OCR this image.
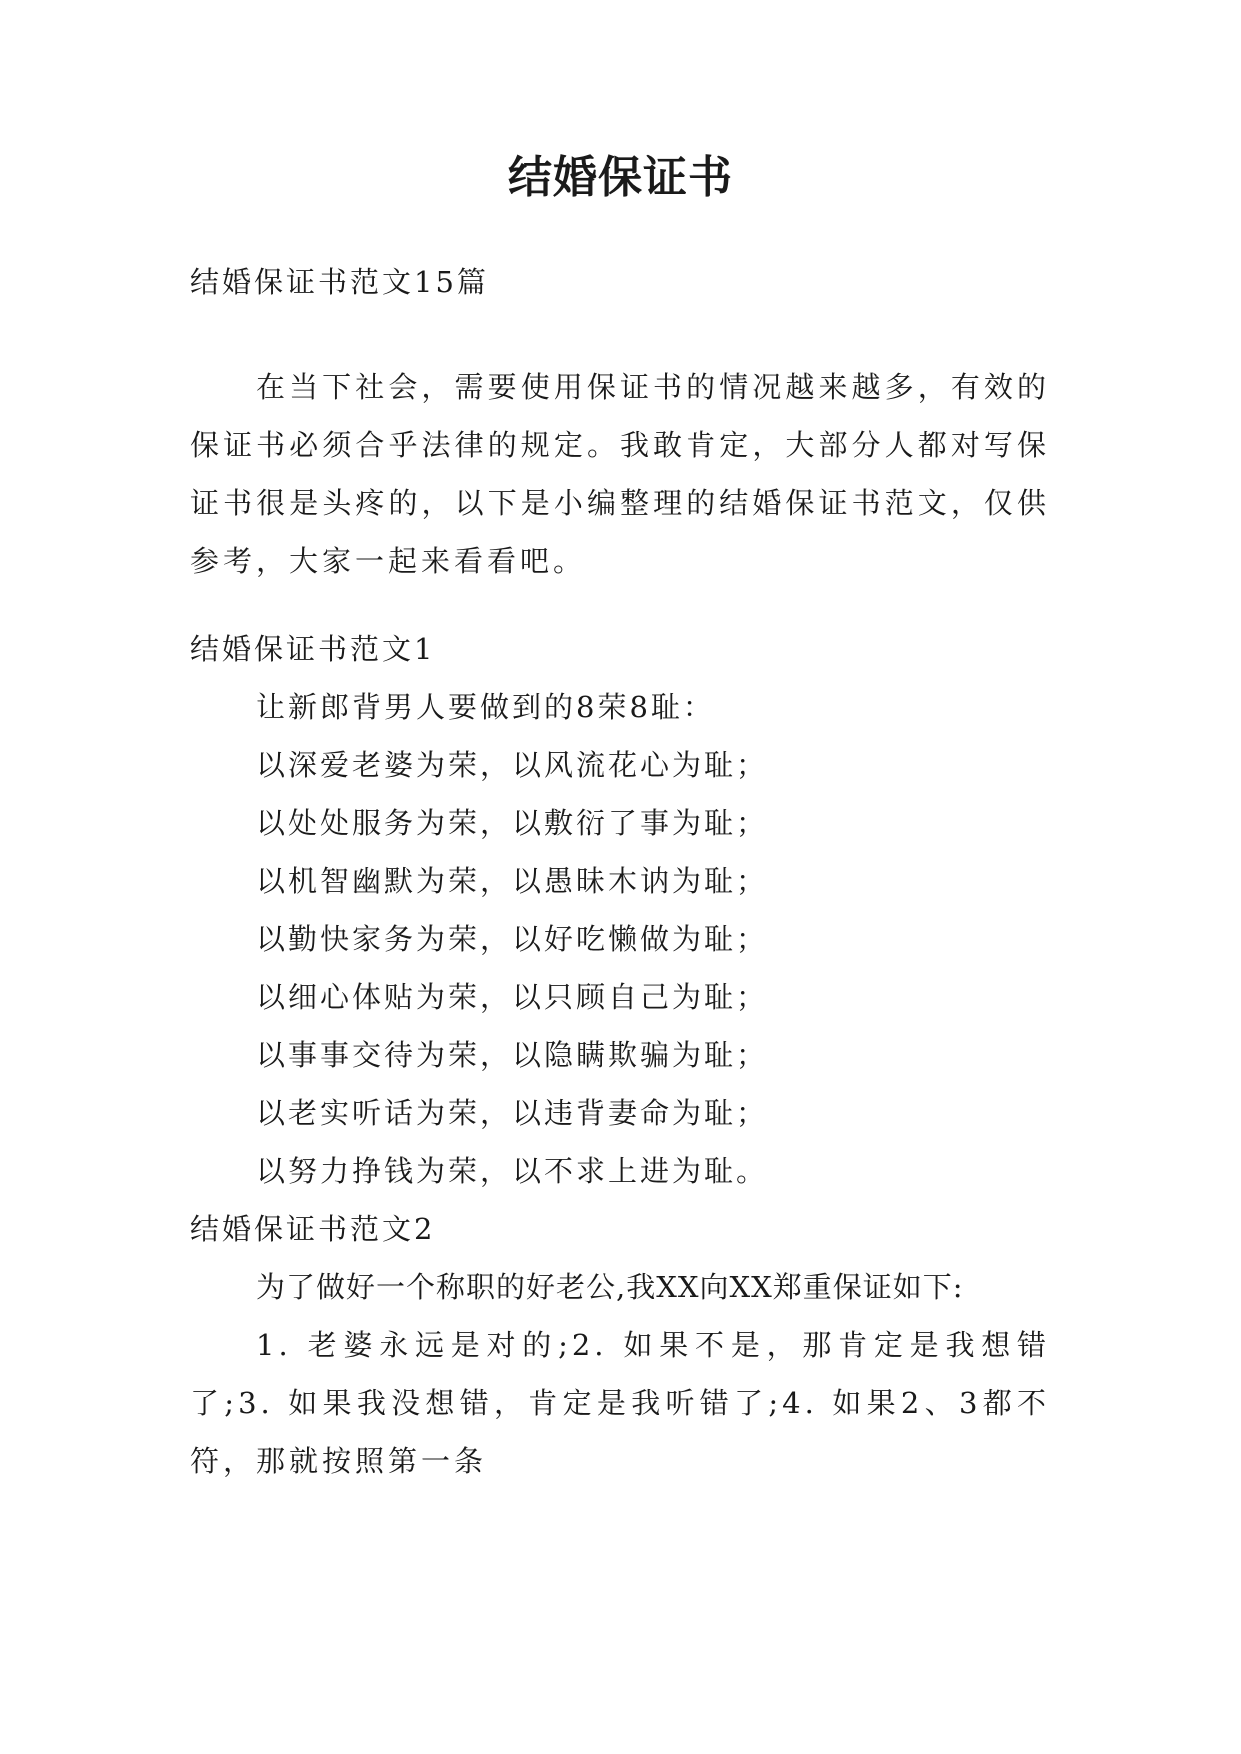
结婚保证书
结婚保证书范文15篇
在当下社会，需要使用保证书的情况越来越多，有效的保证书必须合乎法律的规定。我敢肯定，大部分人都对写保证书很是头疼的，以下是小编整理的结婚保证书范文，仅供参考，大家一起来看看吧。
结婚保证书范文1
让新郎背男人要做到的8荣8耻：
以深爱老婆为荣，以风流花心为耻；
以处处服务为荣，以敷衍了事为耻；
以机智幽默为荣，以愚昧木讷为耻；
以勤快家务为荣，以好吃懒做为耻；
以细心体贴为荣，以只顾自己为耻；
以事事交待为荣，以隐瞒欺骗为耻；
以老实听话为荣，以违背妻命为耻；
以努力挣钱为荣，以不求上进为耻。
结婚保证书范文2
为了做好一个称职的好老公,我XX向XX郑重保证如下:
1. 老婆永远是对的;2. 如果不是，那肯定是我想错了;3. 如果我没想错，肯定是我听错了;4. 如果2、3都不符，那就按照第一条
